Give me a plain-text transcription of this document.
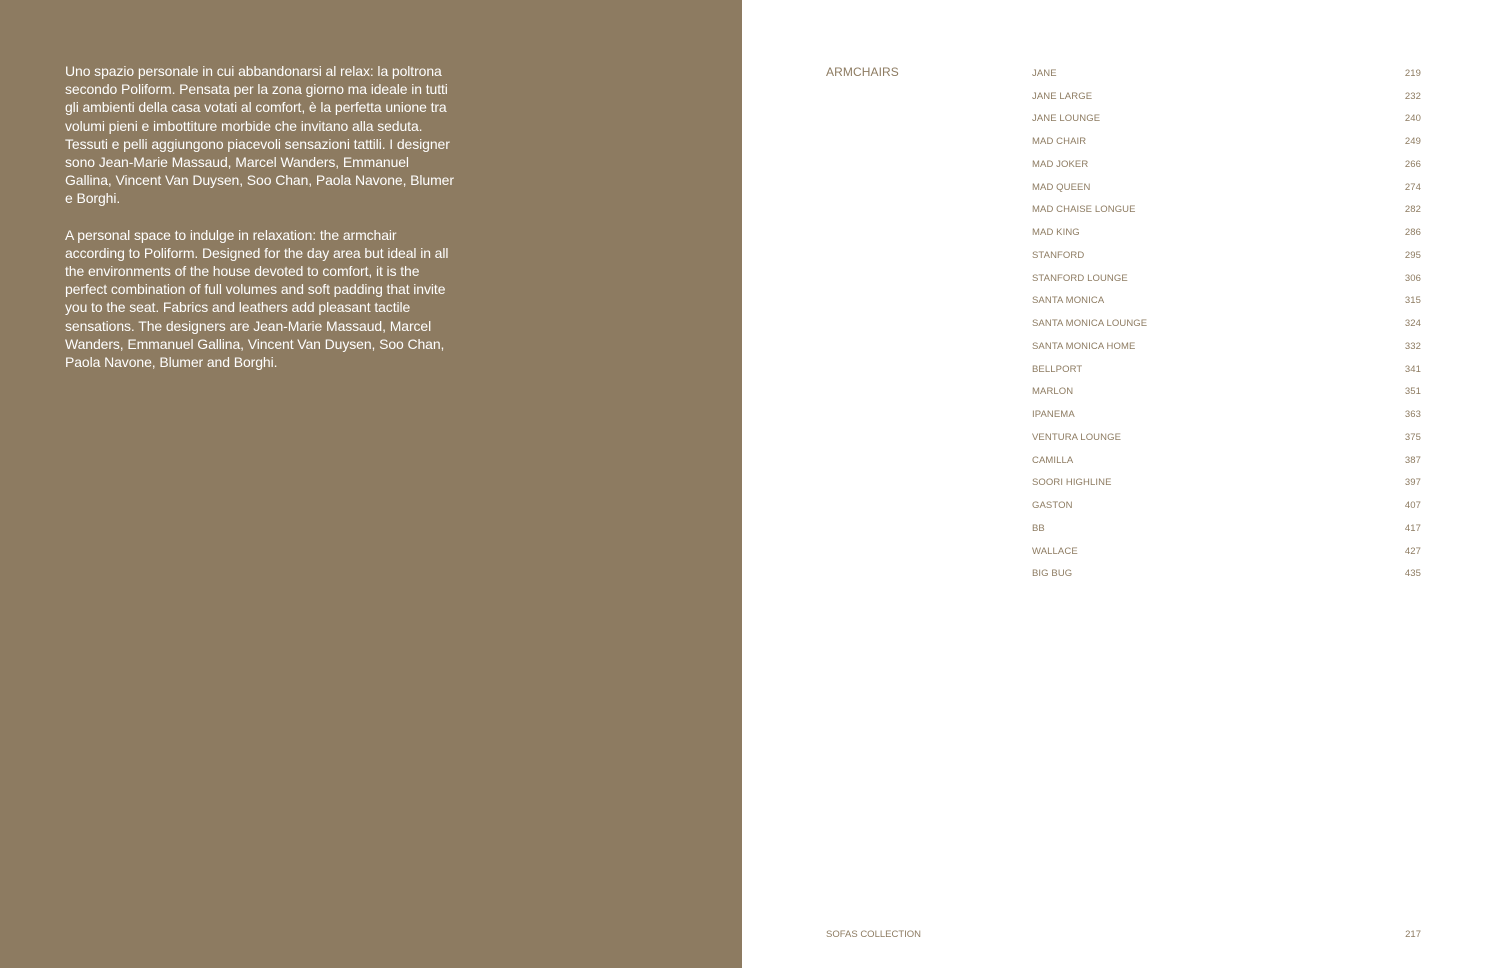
Uno spazio personale in cui abbandonarsi al relax: la poltrona secondo Poliform. Pensata per la zona giorno ma ideale in tutti gli ambienti della casa votati al comfort, è la perfetta unione tra volumi pieni e imbottiture morbide che invitano alla seduta. Tessuti e pelli aggiungono piacevoli sensazioni tattili. I designer sono Jean-Marie Massaud, Marcel Wanders, Emmanuel Gallina, Vincent Van Duysen, Soo Chan, Paola Navone, Blumer e Borghi.

A personal space to indulge in relaxation: the armchair according to Poliform. Designed for the day area but ideal in all the environments of the house devoted to comfort, it is the perfect combination of full volumes and soft padding that invite you to the seat. Fabrics and leathers add pleasant tactile sensations. The designers are Jean-Marie Massaud, Marcel Wanders, Emmanuel Gallina, Vincent Van Duysen, Soo Chan, Paola Navone, Blumer and Borghi.

ARMCHAIRS	JANE	219
JANE LARGE	232
JANE LOUNGE	240
MAD CHAIR	249
MAD JOKER	266
MAD QUEEN	274
MAD CHAISE LONGUE	282
MAD KING	286
STANFORD	295
STANFORD LOUNGE	306
SANTA MONICA	315
SANTA MONICA LOUNGE	324
SANTA MONICA HOME	332
BELLPORT	341
MARLON	351
IPANEMA	363
VENTURA LOUNGE	375
CAMILLA	387
SOORI HIGHLINE	397
GASTON	407
BB	417
WALLACE	427
BIG BUG	435
SOFAS COLLECTION	217
